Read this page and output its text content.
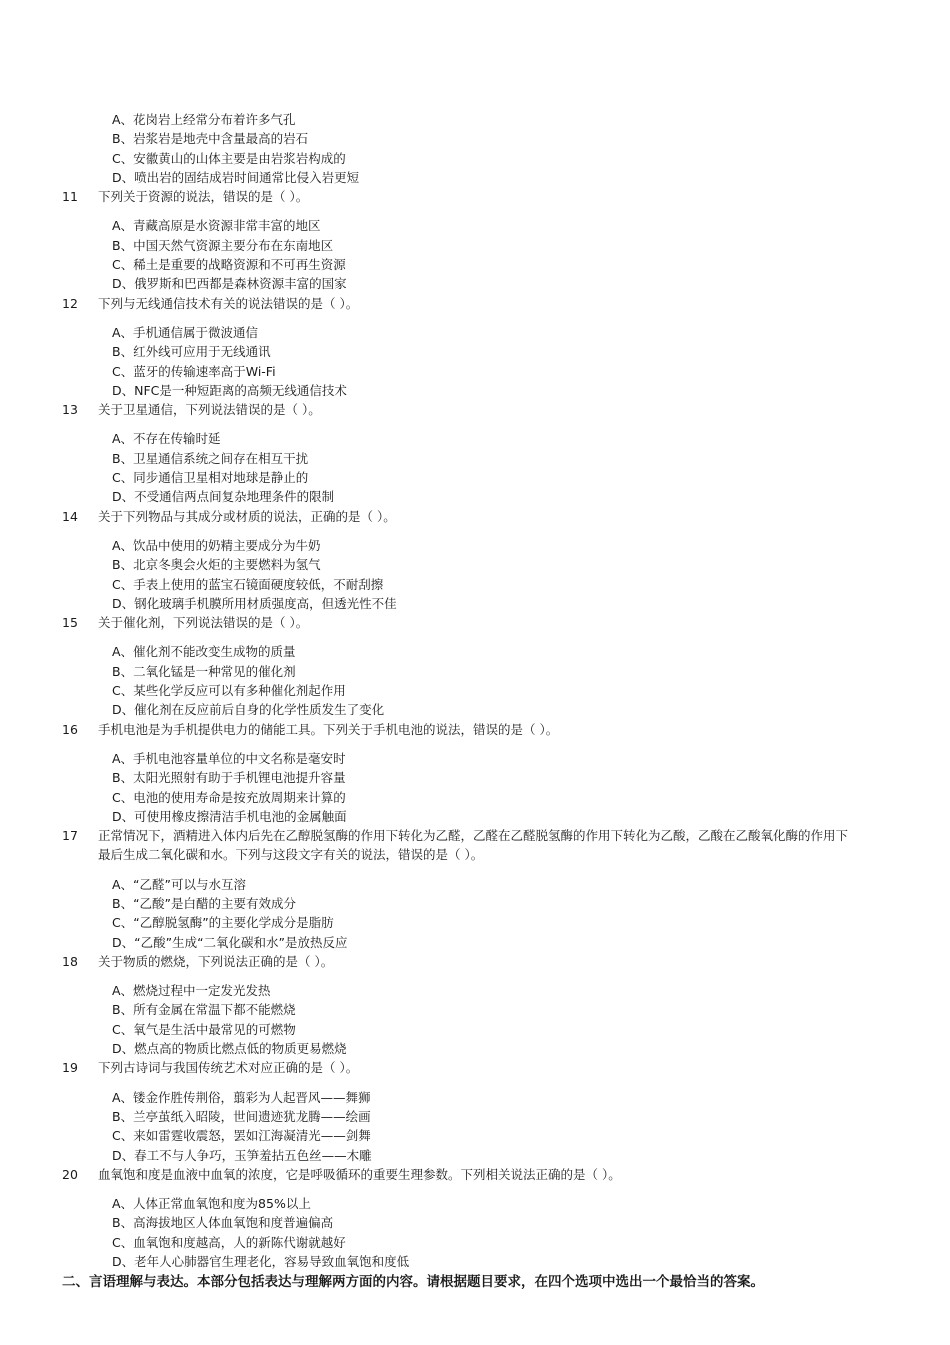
A、花岗岩上经常分布着许多气孔
B、岩浆岩是地壳中含量最高的岩石
C、安徽黄山的山体主要是由岩浆岩构成的
D、喷出岩的固结成岩时间通常比侵入岩更短
11	下列关于资源的说法，错误的是（ ）。
A、青藏高原是水资源非常丰富的地区
B、中国天然气资源主要分布在东南地区
C、稀土是重要的战略资源和不可再生资源
D、俄罗斯和巴西都是森林资源丰富的国家
12	下列与无线通信技术有关的说法错误的是（ ）。
A、手机通信属于微波通信
B、红外线可应用于无线通讯
C、蓝牙的传输速率高于Wi-Fi
D、NFC是一种短距离的高频无线通信技术
13	关于卫星通信，下列说法错误的是（ ）。
A、不存在传输时延
B、卫星通信系统之间存在相互干扰
C、同步通信卫星相对地球是静止的
D、不受通信两点间复杂地理条件的限制
14	关于下列物品与其成分或材质的说法，正确的是（ ）。
A、饮品中使用的奶精主要成分为牛奶
B、北京冬奥会火炬的主要燃料为氢气
C、手表上使用的蓝宝石镜面硬度较低，不耐刮擦
D、钢化玻璃手机膜所用材质强度高，但透光性不佳
15	关于催化剂，下列说法错误的是（ ）。
A、催化剂不能改变生成物的质量
B、二氧化锰是一种常见的催化剂
C、某些化学反应可以有多种催化剂起作用
D、催化剂在反应前后自身的化学性质发生了变化
16	手机电池是为手机提供电力的储能工具。下列关于手机电池的说法，错误的是（ ）。
A、手机电池容量单位的中文名称是毫安时
B、太阳光照射有助于手机锂电池提升容量
C、电池的使用寿命是按充放周期来计算的
D、可使用橡皮擦清洁手机电池的金属触面
17	正常情况下，酒精进入体内后先在乙醇脱氢酶的作用下转化为乙醛，乙醛在乙醛脱氢酶的作用下转化为乙酸，乙酸在乙酸氧化酶的作用下最后生成二氧化碳和水。下列与这段文字有关的说法，错误的是（ ）。
A、“乙醛”可以与水互溶
B、“乙酸”是白醋的主要有效成分
C、“乙醇脱氢酶”的主要化学成分是脂肪
D、“乙酸”生成“二氧化碳和水”是放热反应
18	关于物质的燃烧，下列说法正确的是（ ）。
A、燃烧过程中一定发光发热
B、所有金属在常温下都不能燃烧
C、氧气是生活中最常见的可燃物
D、燃点高的物质比燃点低的物质更易燃烧
19	下列古诗词与我国传统艺术对应正确的是（ ）。
A、镂金作胜传荆俗，翦彩为人起晋风——舞狮
B、兰亭茧纸入昭陵，世间遗迹犹龙腾——绘画
C、来如雷霆收震怒，罢如江海凝清光——剑舞
D、春工不与人争巧，玉笋羞拈五色丝——木雕
20	血氧饱和度是血液中血氧的浓度，它是呼吸循环的重要生理参数。下列相关说法正确的是（ ）。
A、人体正常血氧饱和度为85%以上
B、高海拔地区人体血氧饱和度普遍偏高
C、血氧饱和度越高，人的新陈代谢就越好
D、老年人心肺器官生理老化，容易导致血氧饱和度低
二、言语理解与表达。本部分包括表达与理解两方面的内容。请根据题目要求，在四个选项中选出一个最恰当的答案。
